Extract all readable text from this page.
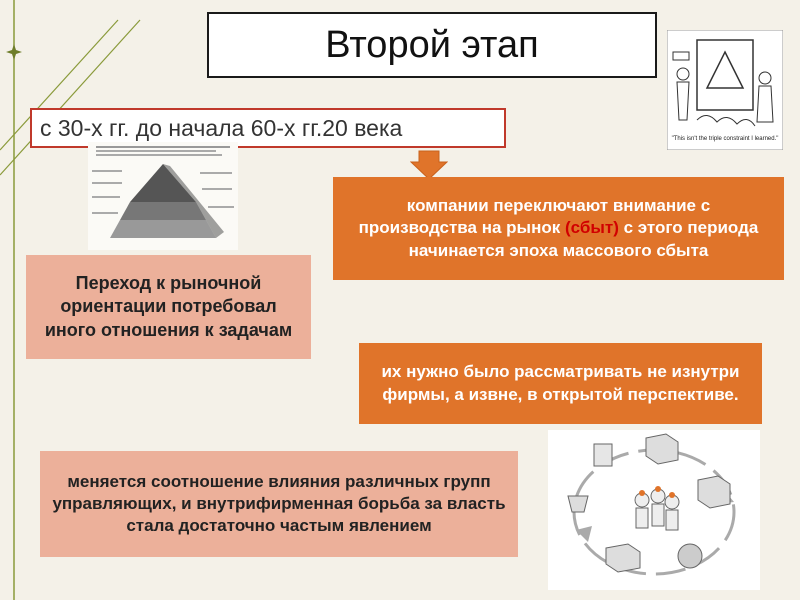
Второй этап
с 30-х гг. до начала 60-х гг.20 века
компании переключают внимание с производства на рынок (сбыт) с этого периода начинается эпоха массового сбыта
Переход к рыночной ориентации потребовал иного отношения к задачам
их нужно было рассматривать не изнутри фирмы, а извне, в открытой перспективе.
меняется соотношение влияния различных групп управляющих, и внутрифирменная борьба за власть стала достаточно частым явлением
"This isn't the triple constraint I learned."
